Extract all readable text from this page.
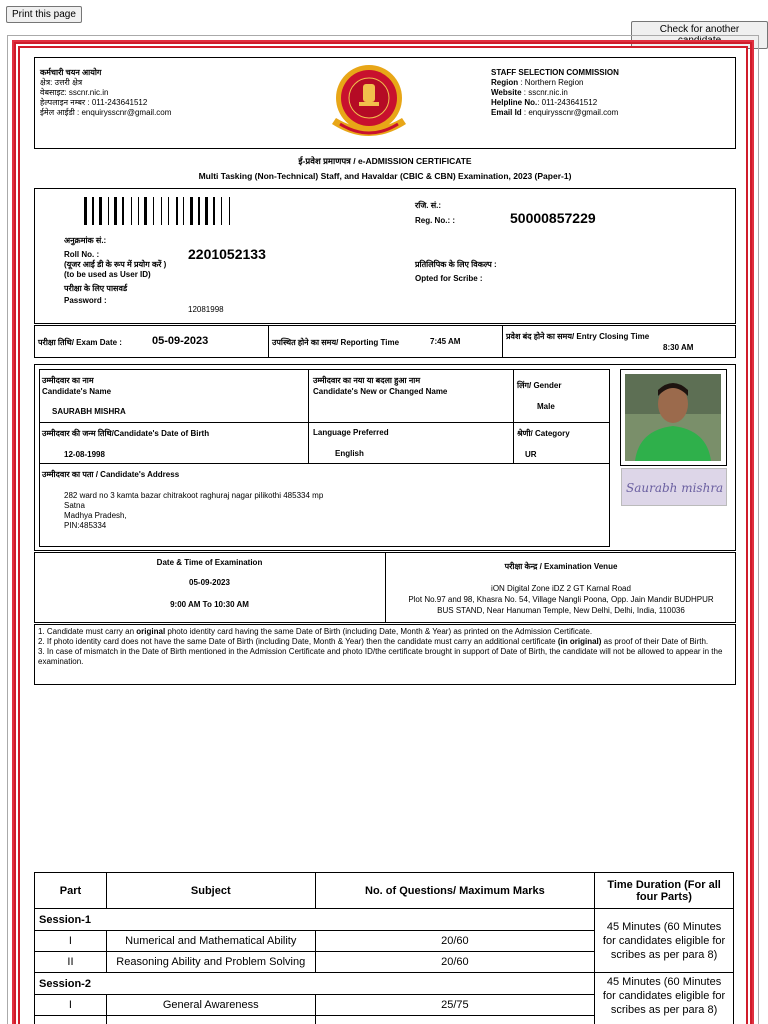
Print this page
Check for another candidate
कर्मचारी चयन आयोग
क्षेत्र: उत्तरी क्षेत्र
वेबसाइट: sscnr.nic.in
हेल्पलाइन नम्बर : 011-243641512
ईमेल आईडी : enquirysscnr@gmail.com
STAFF SELECTION COMMISSION
Region : Northern Region
Website : sscnr.nic.in
Helpline No.: 011-243641512
Email Id : enquirysscnr@gmail.com
ई-प्रवेश प्रमाणपत्र / e-ADMISSION CERTIFICATE
Multi Tasking (Non-Technical) Staff, and Havaldar (CBIC & CBN) Examination, 2023 (Paper-1)
अनुक्रमांक सं.:
Roll No. :
(यूजर आई डी के रूप में प्रयोग करें )
(to be used as User ID)
परीक्षा के लिए पासवर्ड
Password :
2201052133
12081998
रजि. सं.:
Reg. No.: :	50000857229
प्रतिलिपिक के लिए विकल्प :
Opted for Scribe :
परीक्षा तिथि/ Exam Date :	05-09-2023	उपस्थित होने का समय/ Reporting Time	7:45 AM
प्रवेश बंद होने का समय/ Entry Closing Time
8:30 AM
उम्मीदवार का नाम
Candidate's Name
SAURABH MISHRA
उम्मीदवार का नया या बदला हुआ नाम
Candidate's New or Changed Name
लिंग/ Gender
Male
उम्मीदवार की जन्म तिथि/Candidate's Date of Birth
12-08-1998
Language Preferred
English
श्रेणी/ Category
UR
उम्मीदवार का पता / Candidate's Address
282 ward no 3 kamta bazar chitrakoot raghuraj nagar pilikothi 485334 mp
Satna
Madhya Pradesh,
PIN:485334
Saurabh mishra
Date & Time of Examination
05-09-2023
9:00 AM To 10:30 AM
परीक्षा केन्द्र / Examination Venue
iON Digital Zone iDZ 2 GT Karnal Road
Plot No.97 and 98, Khasra No. 54, Village Nangli Poona, Opp. Jain Mandir BUDHPUR
BUS STAND, Near Hanuman Temple, New Delhi, Delhi, India, 110036
1. Candidate must carry an original photo identity card having the same Date of Birth (including Date, Month & Year) as printed on the Admission Certificate.
2. If photo identity card does not have the same Date of Birth (including Date, Month & Year) then the candidate must carry an additional certificate (in original) as proof of their Date of Birth.
3. In case of mismatch in the Date of Birth mentioned in the Admission Certificate and photo ID/the certificate brought in support of Date of Birth, the candidate will not be allowed to appear in the examination.
Part	Subject	No. of Questions/ Maximum Marks	Time Duration (For all four Parts)
Session-1			45 Minutes (60 Minutes for candidates eligible for scribes as per para 8)
I	Numerical and Mathematical Ability	20/60	
II	Reasoning Ability and Problem Solving	20/60	
Session-2			45 Minutes (60 Minutes for candidates eligible for scribes as per para 8)
I	General Awareness	25/75	
